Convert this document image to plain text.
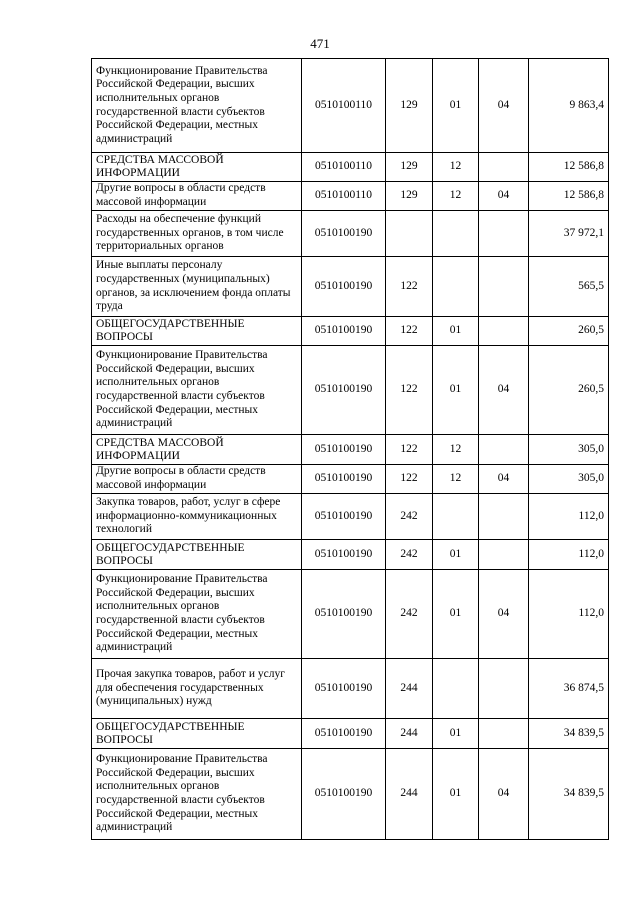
471
Функционирование Правительства Российской Федерации, высших исполнительных органов государственной власти субъектов Российской Федерации, местных администраций	0510100110	129	01	04	9 863,4
СРЕДСТВА МАССОВОЙ ИНФОРМАЦИИ	0510100110	129	12		12 586,8
Другие вопросы в области средств массовой информации	0510100110	129	12	04	12 586,8
Расходы на обеспечение функций государственных органов, в том числе территориальных органов	0510100190				37 972,1
Иные выплаты персоналу государственных (муниципальных) органов, за исключением фонда оплаты труда	0510100190	122			565,5
ОБЩЕГОСУДАРСТВЕННЫЕ ВОПРОСЫ	0510100190	122	01		260,5
Функционирование Правительства Российской Федерации, высших исполнительных органов государственной власти субъектов Российской Федерации, местных администраций	0510100190	122	01	04	260,5
СРЕДСТВА МАССОВОЙ ИНФОРМАЦИИ	0510100190	122	12		305,0
Другие вопросы в области средств массовой информации	0510100190	122	12	04	305,0
Закупка товаров, работ, услуг в сфере информационно-коммуникационных технологий	0510100190	242			112,0
ОБЩЕГОСУДАРСТВЕННЫЕ ВОПРОСЫ	0510100190	242	01		112,0
Функционирование Правительства Российской Федерации, высших исполнительных органов государственной власти субъектов Российской Федерации, местных администраций	0510100190	242	01	04	112,0
Прочая закупка товаров, работ и услуг для обеспечения государственных (муниципальных) нужд	0510100190	244			36 874,5
ОБЩЕГОСУДАРСТВЕННЫЕ ВОПРОСЫ	0510100190	244	01		34 839,5
Функционирование Правительства Российской Федерации, высших исполнительных органов государственной власти субъектов Российской Федерации, местных администраций	0510100190	244	01	04	34 839,5
